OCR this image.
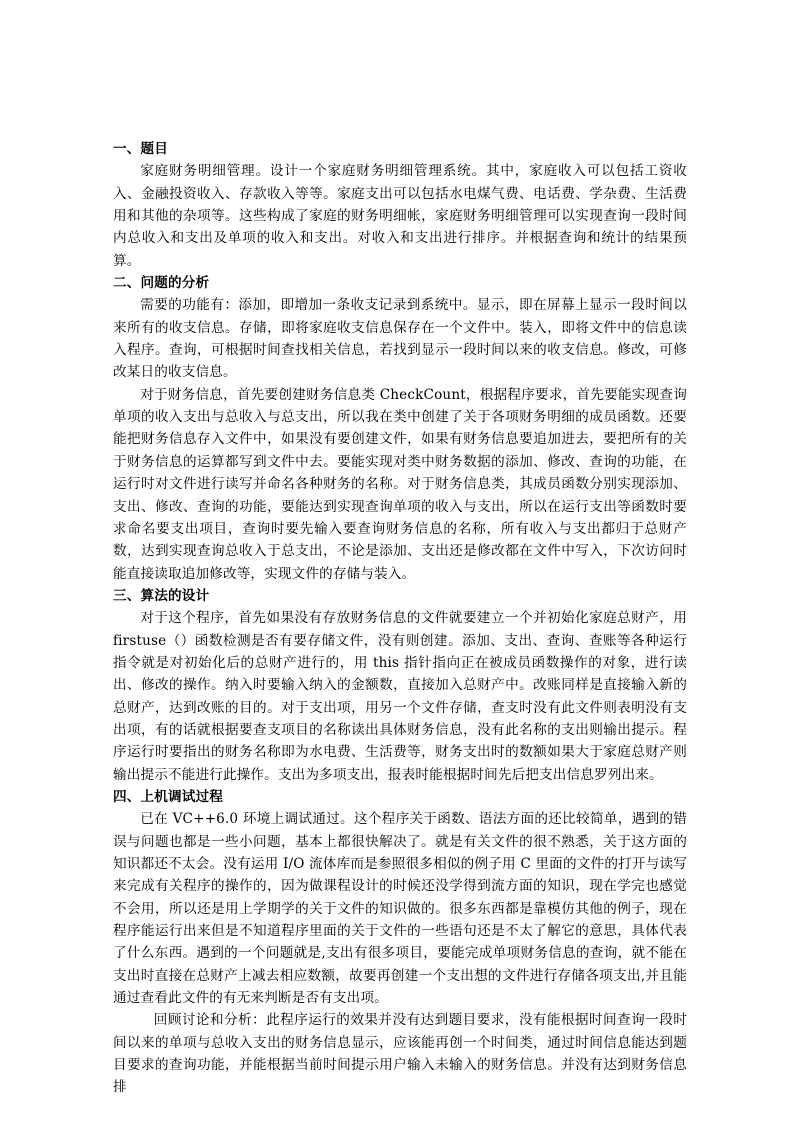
一、题目

家庭财务明细管理。设计一个家庭财务明细管理系统。其中，家庭收入可以包括工资收入、金融投资收入、存款收入等等。家庭支出可以包括水电煤气费、电话费、学杂费、生活费用和其他的杂项等。这些构成了家庭的财务明细帐，家庭财务明细管理可以实现查询一段时间内总收入和支出及单项的收入和支出。对收入和支出进行排序。并根据查询和统计的结果预算。

二、问题的分析

需要的功能有：添加，即增加一条收支记录到系统中。显示，即在屏幕上显示一段时间以来所有的收支信息。存储，即将家庭收支信息保存在一个文件中。装入，即将文件中的信息读入程序。查询，可根据时间查找相关信息，若找到显示一段时间以来的收支信息。修改，可修改某日的收支信息。

对于财务信息，首先要创建财务信息类 CheckCount，根据程序要求，首先要能实现查询单项的收入支出与总收入与总支出，所以我在类中创建了关于各项财务明细的成员函数。还要能把财务信息存入文件中，如果没有要创建文件，如果有财务信息要追加进去，要把所有的关于财务信息的运算都写到文件中去。要能实现对类中财务数据的添加、修改、查询的功能，在运行时对文件进行读写并命名各种财务的名称。对于财务信息类，其成员函数分别实现添加、支出、修改、查询的功能，要能达到实现查询单项的收入与支出，所以在运行支出等函数时要求命名要支出项目，查询时要先输入要查询财务信息的名称，所有收入与支出都归于总财产数，达到实现查询总收入于总支出，不论是添加、支出还是修改都在文件中写入，下次访问时能直接读取追加修改等，实现文件的存储与装入。

三、算法的设计

对于这个程序，首先如果没有存放财务信息的文件就要建立一个并初始化家庭总财产，用firstuse（）函数检测是否有要存储文件，没有则创建。添加、支出、查询、查账等各种运行指令就是对初始化后的总财产进行的，用 this 指针指向正在被成员函数操作的对象，进行读出、修改的操作。纳入时要输入纳入的金额数，直接加入总财产中。改账同样是直接输入新的总财产，达到改账的目的。对于支出项，用另一个文件存储，查支时没有此文件则表明没有支出项，有的话就根据要查支项目的名称读出具体财务信息，没有此名称的支出则输出提示。程序运行时要指出的财务名称即为水电费、生活费等，财务支出时的数额如果大于家庭总财产则输出提示不能进行此操作。支出为多项支出，报表时能根据时间先后把支出信息罗列出来。

四、上机调试过程

已在 VC++6.0 环境上调试通过。这个程序关于函数、语法方面的还比较简单，遇到的错误与问题也都是一些小问题，基本上都很快解决了。就是有关文件的很不熟悉，关于这方面的知识都还不太会。没有运用 I/O 流体库而是参照很多相似的例子用 C 里面的文件的打开与读写来完成有关程序的操作的，因为做课程设计的时候还没学得到流方面的知识，现在学完也感觉不会用，所以还是用上学期学的关于文件的知识做的。很多东西都是靠模仿其他的例子，现在程序能运行出来但是不知道程序里面的关于文件的一些语句还是不太了解它的意思，具体代表了什么东西。遇到的一个问题就是,支出有很多项目，要能完成单项财务信息的查询，就不能在支出时直接在总财产上减去相应数额，故要再创建一个支出想的文件进行存储各项支出,并且能通过查看此文件的有无来判断是否有支出项。

回顾讨论和分析：此程序运行的效果并没有达到题目要求，没有能根据时间查询一段时间以来的单项与总收入支出的财务信息显示，应该能再创一个时间类，通过时间信息能达到题目要求的查询功能，并能根据当前时间提示用户输入未输入的财务信息。并没有达到财务信息排
